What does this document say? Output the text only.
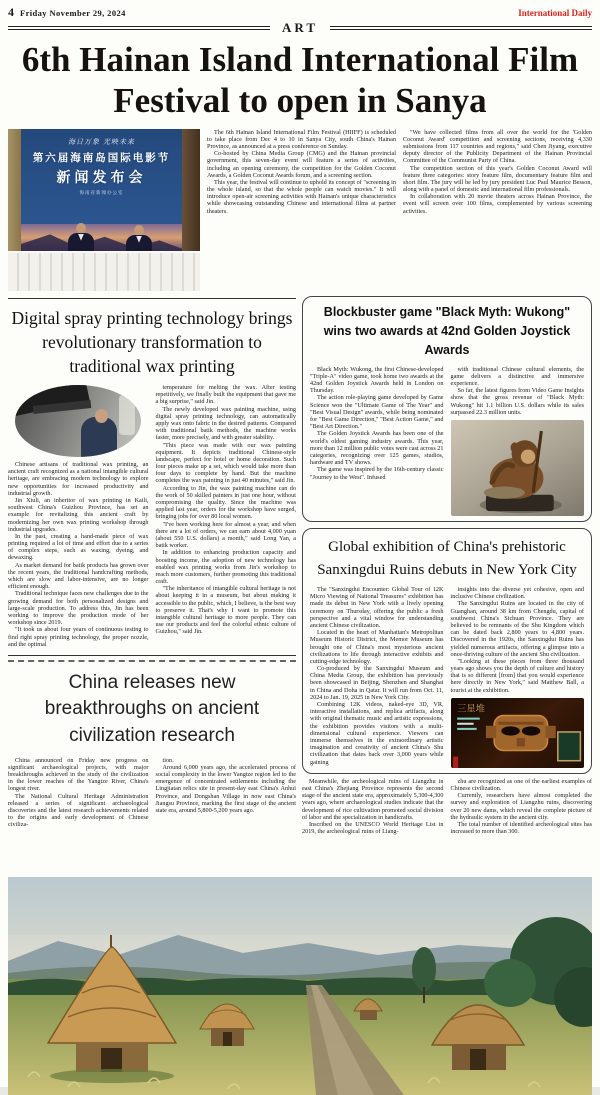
4 Friday November 29, 2024	International Daily
ART
6th Hainan Island International Film Festival to open in Sanya
海日万象 光映未来
第六届海南岛国际电影节
新闻发布会
海南省新闻办公室

The 6th Hainan Island International Film Festival (HIIFF) is scheduled to take place from Dec 4 to 10 in Sanya City, south China's Hainan Province, as announced at a press conference on Sunday.

Co-hosted by China Media Group (CMG) and the Hainan provincial government, this seven-day event will feature a series of activities, including an opening ceremony, the competition for the Golden Coconut Awards, a Golden Coconut Awards forum, and a screening section.

This year, the festival will continue to uphold its concept of "screening in the whole island, so that the whole people can watch movies." It will introduce open-air screening activities with Hainan's unique characteristics while showcasing outstanding Chinese and international films at partner theaters.

"We have collected films from all over the world for the 'Golden Coconut Award' competition and screening sections, receiving 4,330 submissions from 117 countries and regions," said Chen Jiyang, executive deputy director of the Publicity Department of the Hainan Provincial Committee of the Communist Party of China.

The competition section of this year's Golden Coconut Award will feature three categories: story feature film, documentary feature film and short film. The jury will be led by jury president Luc Paul Maurice Besson, along with a panel of domestic and international film professionals.

In collaboration with 20 movie theaters across Hainan Province, the event will screen over 100 films, complemented by various screening activities.

Digital spray printing technology brings revolutionary transformation to traditional wax printing

Chinese artisans of traditional wax printing, an ancient craft recognized as a national intangible cultural heritage, are embracing modern technology to explore new opportunities for increased productivity and industrial growth.

Jin Xiuli, an inheritor of wax printing in Kaili, southwest China's Guizhou Province, has set an example for revitalizing this ancient craft by modernizing her own wax printing workshop through industrial upgrades.

In the past, creating a hand-made piece of wax printing required a lot of time and effort due to a series of complex steps, such as waxing, dyeing, and dewaxing.

As market demand for batik products has grown over the recent years, the traditional handcrafting methods, which are slow and labor-intensive, are no longer efficient enough.

Traditional technique faces new challenges due to the growing demand for both personalized designs and large-scale production. To address this, Jin has been working to improve the production mode of her workshop since 2019.

"It took us about four years of continuous testing to find right spray printing technology, the proper nozzle, and the optimal

temperature for melting the wax. After testing repetitively, we finally built the equipment that gave me a big surprise," said Jin.

The newly developed wax painting machine, using digital spray printing technology, can automatically apply wax onto fabric in the desired patterns. Compared with traditional batik methods, the machine works faster, more precisely, and with greater stability.

"This piece was made with our wax painting equipment. It depicts traditional Chinese-style landscape, perfect for hotel or home decoration. Such four pieces make up a set, which would take more than four days to complete by hand. But the machine completes the wax painting in just 40 minutes," said Jin.

According to Jin, the wax painting machine can do the work of 50 skilled painters in just one hour, without compromising the quality. Since the machine was applied last year, orders for the workshop have surged, bringing jobs for over 80 local women.

"I've been working here for almost a year, and when there are a lot of orders, we can earn about 4,000 yuan (about 550 U.S. dollars) a month," said Long Yan, a batik worker.

In addition to enhancing production capacity and boosting income, the adoption of new technology has enabled wax printing works from Jin's workshop to reach more customers, further promoting this traditional craft.

"The inheritance of intangible cultural heritage is not about keeping it in a museum, but about making it accessible to the public, which, I believe, is the best way to preserve it. That's why I want to promote this intangible cultural heritage to more people. They can use our products and feel the colorful ethnic culture of Guizhou," said Jin.

China releases new breakthroughs on ancient civilization research

China announced on Friday new progress on significant archaeological projects, with major breakthroughs achieved in the study of the civilization in the lower reaches of the Yangtze River, China's longest river.

The National Cultural Heritage Administration released a series of significant archaeological discoveries and the latest research achievements related to the origins and early development of Chinese civiliza-

tion.

Around 6,000 years ago, the accelerated process of social complexity in the lower Yangtze region led to the emergence of concentrated settlements including the Lingjiatan relics site in present-day east China's Anhui Province, and Dongshan Village in now east China's Jiangsu Province, marking the first stage of the ancient state era, around 5,800-5,200 years ago.

Blockbuster game "Black Myth: Wukong" wins two awards at 42nd Golden Joystick Awards

Black Myth: Wukong, the first Chinese-developed "Triple-A" video game, took home two awards at the 42nd Golden Joystick Awards held in London on Thursday.

The action role-playing game developed by Game Science won the "Ultimate Game of The Year" and "Best Visual Design" awards, while being nominated for "Best Game Direction," "Best Action Game," and "Best Art Direction."

The Golden Joystick Awards has been one of the world's oldest gaming industry awards. This year, more than 12 million public votes were cast across 21 categories, recognizing over 125 games, studios, hardware and TV shows.

The game was inspired by the 16th-century classic "Journey to the West". Infused

with traditional Chinese cultural elements, the game delivers a distinctive and immersive experience.

So far, the latest figures from Video Game Insights show that the gross revenue of "Black Myth: Wukong" hit 1.1 billion U.S. dollars while its sales surpassed 22.3 million units.

Global exhibition of China's prehistoric Sanxingdui Ruins debuts in New York City

The "Sanxingdui Encounter: Global Tour of 12K Micro Viewing of National Treasures" exhibition has made its debut in New York with a lively opening ceremony on Thursday, offering the public a fresh perspective and a vital window for understanding ancient Chinese civilization.

Located in the heart of Manhattan's Metropolitan Museum Historic District, the Memor Museum has brought one of China's most mysterious ancient civilizations to life through interactive exhibits and cutting-edge technology.

Co-produced by the Sanxingdui Museum and China Media Group, the exhibition has previously been showcased in Beijing, Shenzhen and Shanghai in China and Doha in Qatar. It will run from Oct. 11, 2024 to Jan. 19, 2025 in New York City.

Combining 12K videos, naked-eye 3D, VR, interactive installations, and replica artifacts, along with original thematic music and artistic expressions, the exhibition provides visitors with a multi-dimensional cultural experience. Viewers can immerse themselves in the extraordinary artistic imagination and creativity of ancient China's Shu civilization that dates back over 3,000 years while gaining

insights into the diverse yet cohesive, open and inclusive Chinese civilization.

The Sanxingdui Ruins are located in the city of Guanghan, around 38 km from Chengdu, capital of southwest China's Sichuan Province. They are believed to be remnants of the Shu Kingdom which can be dated back 2,800 years to 4,800 years. Discovered in the 1920s, the Sanxingdui Ruins has yielded numerous artifacts, offering a glimpse into a once-thriving culture of the ancient Shu civilization.

"Looking at these pieces from three thousand years ago shows you the depth of culture and history that is so different [from] that you would experience here directly in New York," said Matthew Ball, a tourist at the exhibition.

三星堆

Meanwhile, the archeological ruins of Liangzhu in east China's Zhejiang Province represents the second stage of the ancient state era, approximately 5,300-4,300 years ago, where archaeological studies indicate that the development of rice cultivation promoted social division of labor and the specialization in handicrafts.

Inscribed on the UNESCO World Heritage List in 2019, the archeological ruins of Liang-

zhu are recognized as one of the earliest examples of Chinese civilization.

Currently, researchers have almost completed the survey and exploration of Liangzhu ruins, discovering over 20 new dams, which reveal the complete picture of the hydraulic system in the ancient city.

The total number of identified archeological sites has increased to more than 300.
